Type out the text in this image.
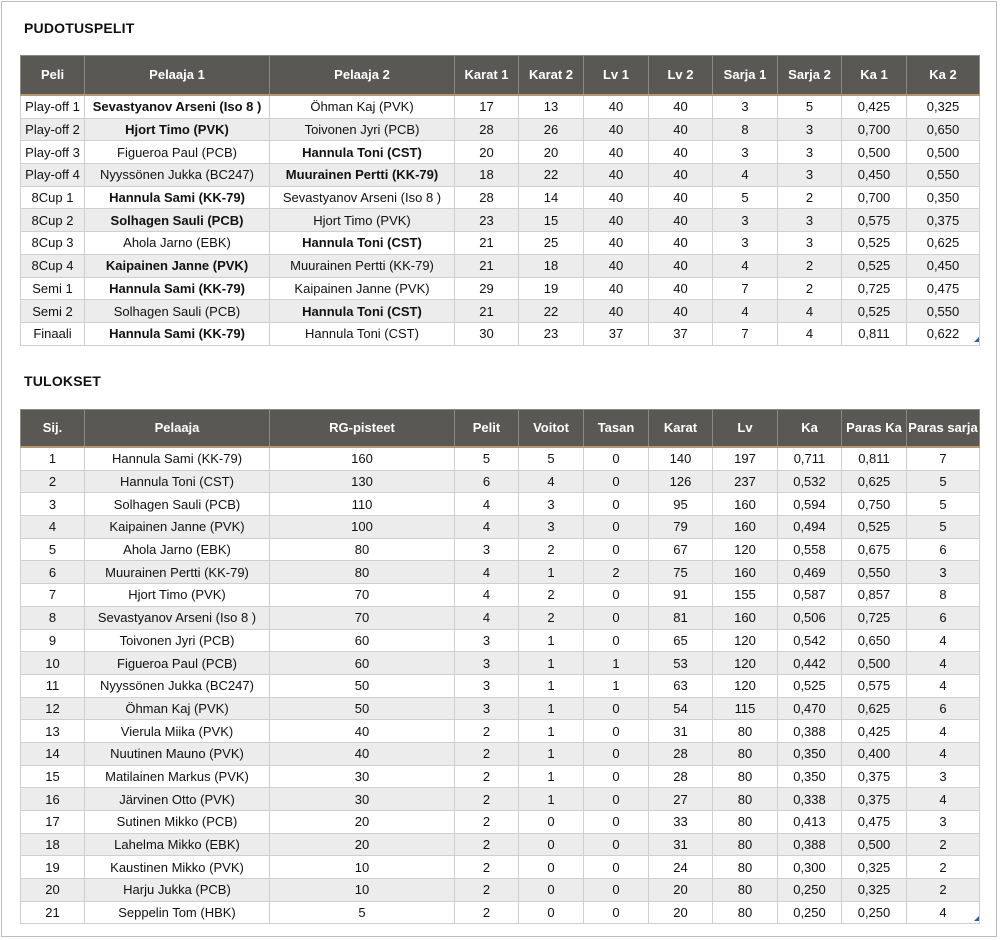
PUDOTUSPELIT
Peli	Pelaaja 1	Pelaaja 2	Karat 1	Karat 2	Lv 1	Lv 2	Sarja 1	Sarja 2	Ka 1	Ka 2
Play-off 1	Sevastyanov Arseni (Iso 8 )	Öhman Kaj (PVK)	17	13	40	40	3	5	0,425	0,325
Play-off 2	Hjort Timo (PVK)	Toivonen Jyri (PCB)	28	26	40	40	8	3	0,700	0,650
Play-off 3	Figueroa Paul (PCB)	Hannula Toni (CST)	20	20	40	40	3	3	0,500	0,500
Play-off 4	Nyyssönen Jukka (BC247)	Muurainen Pertti (KK-79)	18	22	40	40	4	3	0,450	0,550
8Cup 1	Hannula Sami (KK-79)	Sevastyanov Arseni (Iso 8 )	28	14	40	40	5	2	0,700	0,350
8Cup 2	Solhagen Sauli (PCB)	Hjort Timo (PVK)	23	15	40	40	3	3	0,575	0,375
8Cup 3	Ahola Jarno (EBK)	Hannula Toni (CST)	21	25	40	40	3	3	0,525	0,625
8Cup 4	Kaipainen Janne (PVK)	Muurainen Pertti (KK-79)	21	18	40	40	4	2	0,525	0,450
Semi 1	Hannula Sami (KK-79)	Kaipainen Janne (PVK)	29	19	40	40	7	2	0,725	0,475
Semi 2	Solhagen Sauli (PCB)	Hannula Toni (CST)	21	22	40	40	4	4	0,525	0,550
Finaali	Hannula Sami (KK-79)	Hannula Toni (CST)	30	23	37	37	7	4	0,811	0,622
TULOKSET
Sij.	Pelaaja	RG-pisteet	Pelit	Voitot	Tasan	Karat	Lv	Ka	Paras Ka	Paras sarja
1	Hannula Sami (KK-79)	160	5	5	0	140	197	0,711	0,811	7
2	Hannula Toni (CST)	130	6	4	0	126	237	0,532	0,625	5
3	Solhagen Sauli (PCB)	110	4	3	0	95	160	0,594	0,750	5
4	Kaipainen Janne (PVK)	100	4	3	0	79	160	0,494	0,525	5
5	Ahola Jarno (EBK)	80	3	2	0	67	120	0,558	0,675	6
6	Muurainen Pertti (KK-79)	80	4	1	2	75	160	0,469	0,550	3
7	Hjort Timo (PVK)	70	4	2	0	91	155	0,587	0,857	8
8	Sevastyanov Arseni (Iso 8 )	70	4	2	0	81	160	0,506	0,725	6
9	Toivonen Jyri (PCB)	60	3	1	0	65	120	0,542	0,650	4
10	Figueroa Paul (PCB)	60	3	1	1	53	120	0,442	0,500	4
11	Nyyssönen Jukka (BC247)	50	3	1	1	63	120	0,525	0,575	4
12	Öhman Kaj (PVK)	50	3	1	0	54	115	0,470	0,625	6
13	Vierula Miika (PVK)	40	2	1	0	31	80	0,388	0,425	4
14	Nuutinen Mauno (PVK)	40	2	1	0	28	80	0,350	0,400	4
15	Matilainen Markus (PVK)	30	2	1	0	28	80	0,350	0,375	3
16	Järvinen Otto (PVK)	30	2	1	0	27	80	0,338	0,375	4
17	Sutinen Mikko (PCB)	20	2	0	0	33	80	0,413	0,475	3
18	Lahelma Mikko (EBK)	20	2	0	0	31	80	0,388	0,500	2
19	Kaustinen Mikko (PVK)	10	2	0	0	24	80	0,300	0,325	2
20	Harju Jukka (PCB)	10	2	0	0	20	80	0,250	0,325	2
21	Seppelin Tom (HBK)	5	2	0	0	20	80	0,250	0,250	4
